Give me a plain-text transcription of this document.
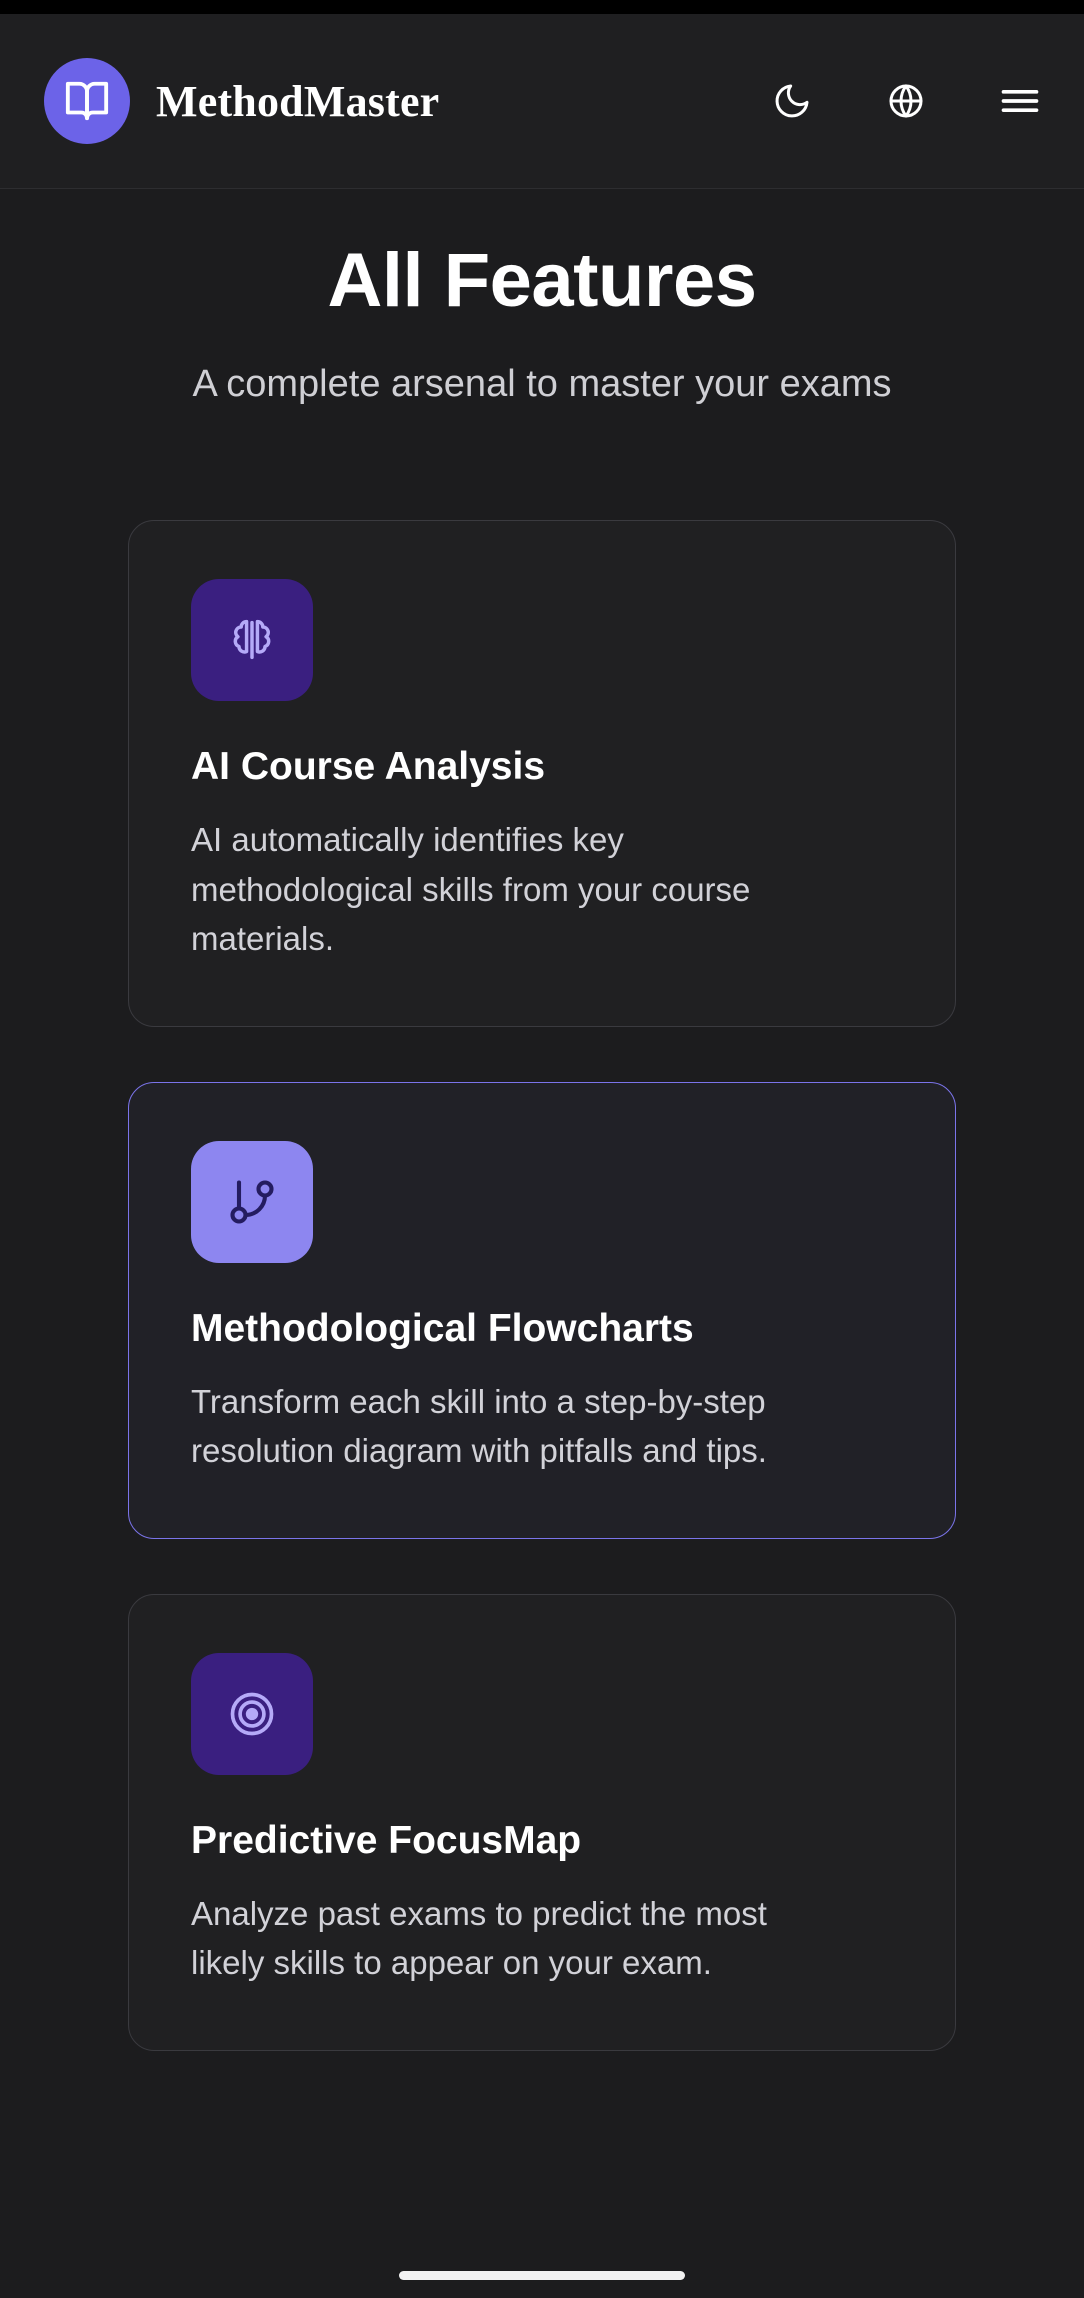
MethodMaster
All Features
A complete arsenal to master your exams
AI Course Analysis
AI automatically identifies key methodological skills from your course materials.
Methodological Flowcharts
Transform each skill into a step-by-step resolution diagram with pitfalls and tips.
Predictive FocusMap
Analyze past exams to predict the most likely skills to appear on your exam.
